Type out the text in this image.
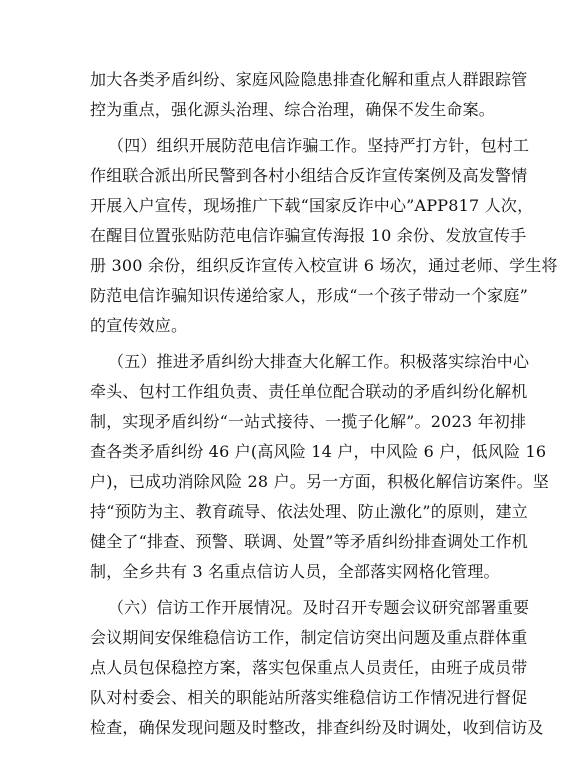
加大各类矛盾纠纷、家庭风险隐患排查化解和重点人群跟踪管
控为重点，强化源头治理、综合治理，确保不发生命案。
（四）组织开展防范电信诈骗工作。坚持严打方针，包村工
作组联合派出所民警到各村小组结合反诈宣传案例及高发警情
开展入户宣传，现场推广下载“国家反诈中心”APP817 人次，
在醒目位置张贴防范电信诈骗宣传海报 10 余份、发放宣传手
册 300 余份，组织反诈宣传入校宣讲 6 场次，通过老师、学生将
防范电信诈骗知识传递给家人，形成“一个孩子带动一个家庭”
的宣传效应。
（五）推进矛盾纠纷大排查大化解工作。积极落实综治中心
牵头、包村工作组负责、责任单位配合联动的矛盾纠纷化解机
制，实现矛盾纠纷“一站式接待、一揽子化解”。2023 年初排
查各类矛盾纠纷 46 户(高风险 14 户，中风险 6 户，低风险 16
户)，已成功消除风险 28 户。另一方面，积极化解信访案件。坚
持“预防为主、教育疏导、依法处理、防止激化”的原则，建立
健全了“排查、预警、联调、处置”等矛盾纠纷排查调处工作机
制，全乡共有 3 名重点信访人员，全部落实网格化管理。
（六）信访工作开展情况。及时召开专题会议研究部署重要
会议期间安保维稳信访工作，制定信访突出问题及重点群体重
点人员包保稳控方案，落实包保重点人员责任，由班子成员带
队对村委会、相关的职能站所落实维稳信访工作情况进行督促
检查，确保发现问题及时整改，排查纠纷及时调处，收到信访及
